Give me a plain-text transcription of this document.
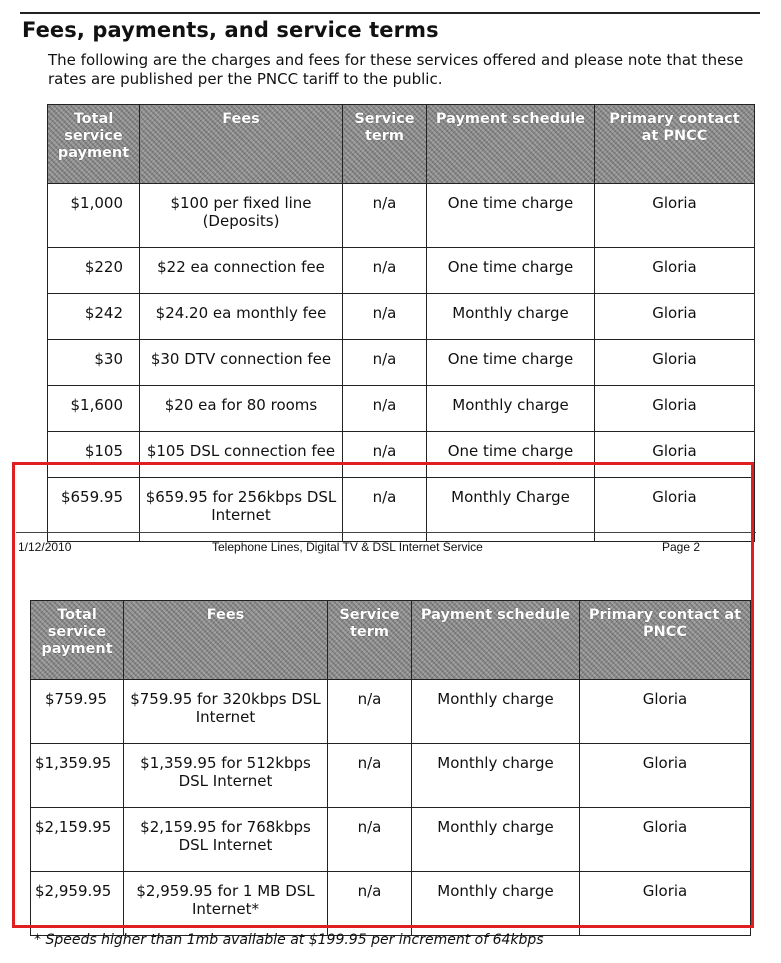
Fees, payments, and service terms

The following are the charges and fees for these services offered and please note that these rates are published per the PNCC tariff to the public.

Total service payment	Fees	Service term	Payment schedule	Primary contact at PNCC
$1,000	$100 per fixed line (Deposits)	n/a	One time charge	Gloria
$220	$22 ea connection fee	n/a	One time charge	Gloria
$242	$24.20 ea monthly fee	n/a	Monthly charge	Gloria
$30	$30 DTV connection fee	n/a	One time charge	Gloria
$1,600	$20 ea for 80 rooms	n/a	Monthly charge	Gloria
$105	$105 DSL connection fee	n/a	One time charge	Gloria
$659.95	$659.95 for 256kbps DSL Internet	n/a	Monthly Charge	Gloria
1/12/2010	Telephone Lines, Digital TV & DSL Internet Service	Page 2
Total service payment	Fees	Service term	Payment schedule	Primary contact at PNCC
$759.95	$759.95 for 320kbps DSL Internet	n/a	Monthly charge	Gloria
$1,359.95	$1,359.95 for 512kbps DSL Internet	n/a	Monthly charge	Gloria
$2,159.95	$2,159.95 for 768kbps DSL Internet	n/a	Monthly charge	Gloria
$2,959.95	$2,959.95 for 1 MB DSL Internet*	n/a	Monthly charge	Gloria

* Speeds higher than 1mb available at $199.95 per increment of 64kbps
